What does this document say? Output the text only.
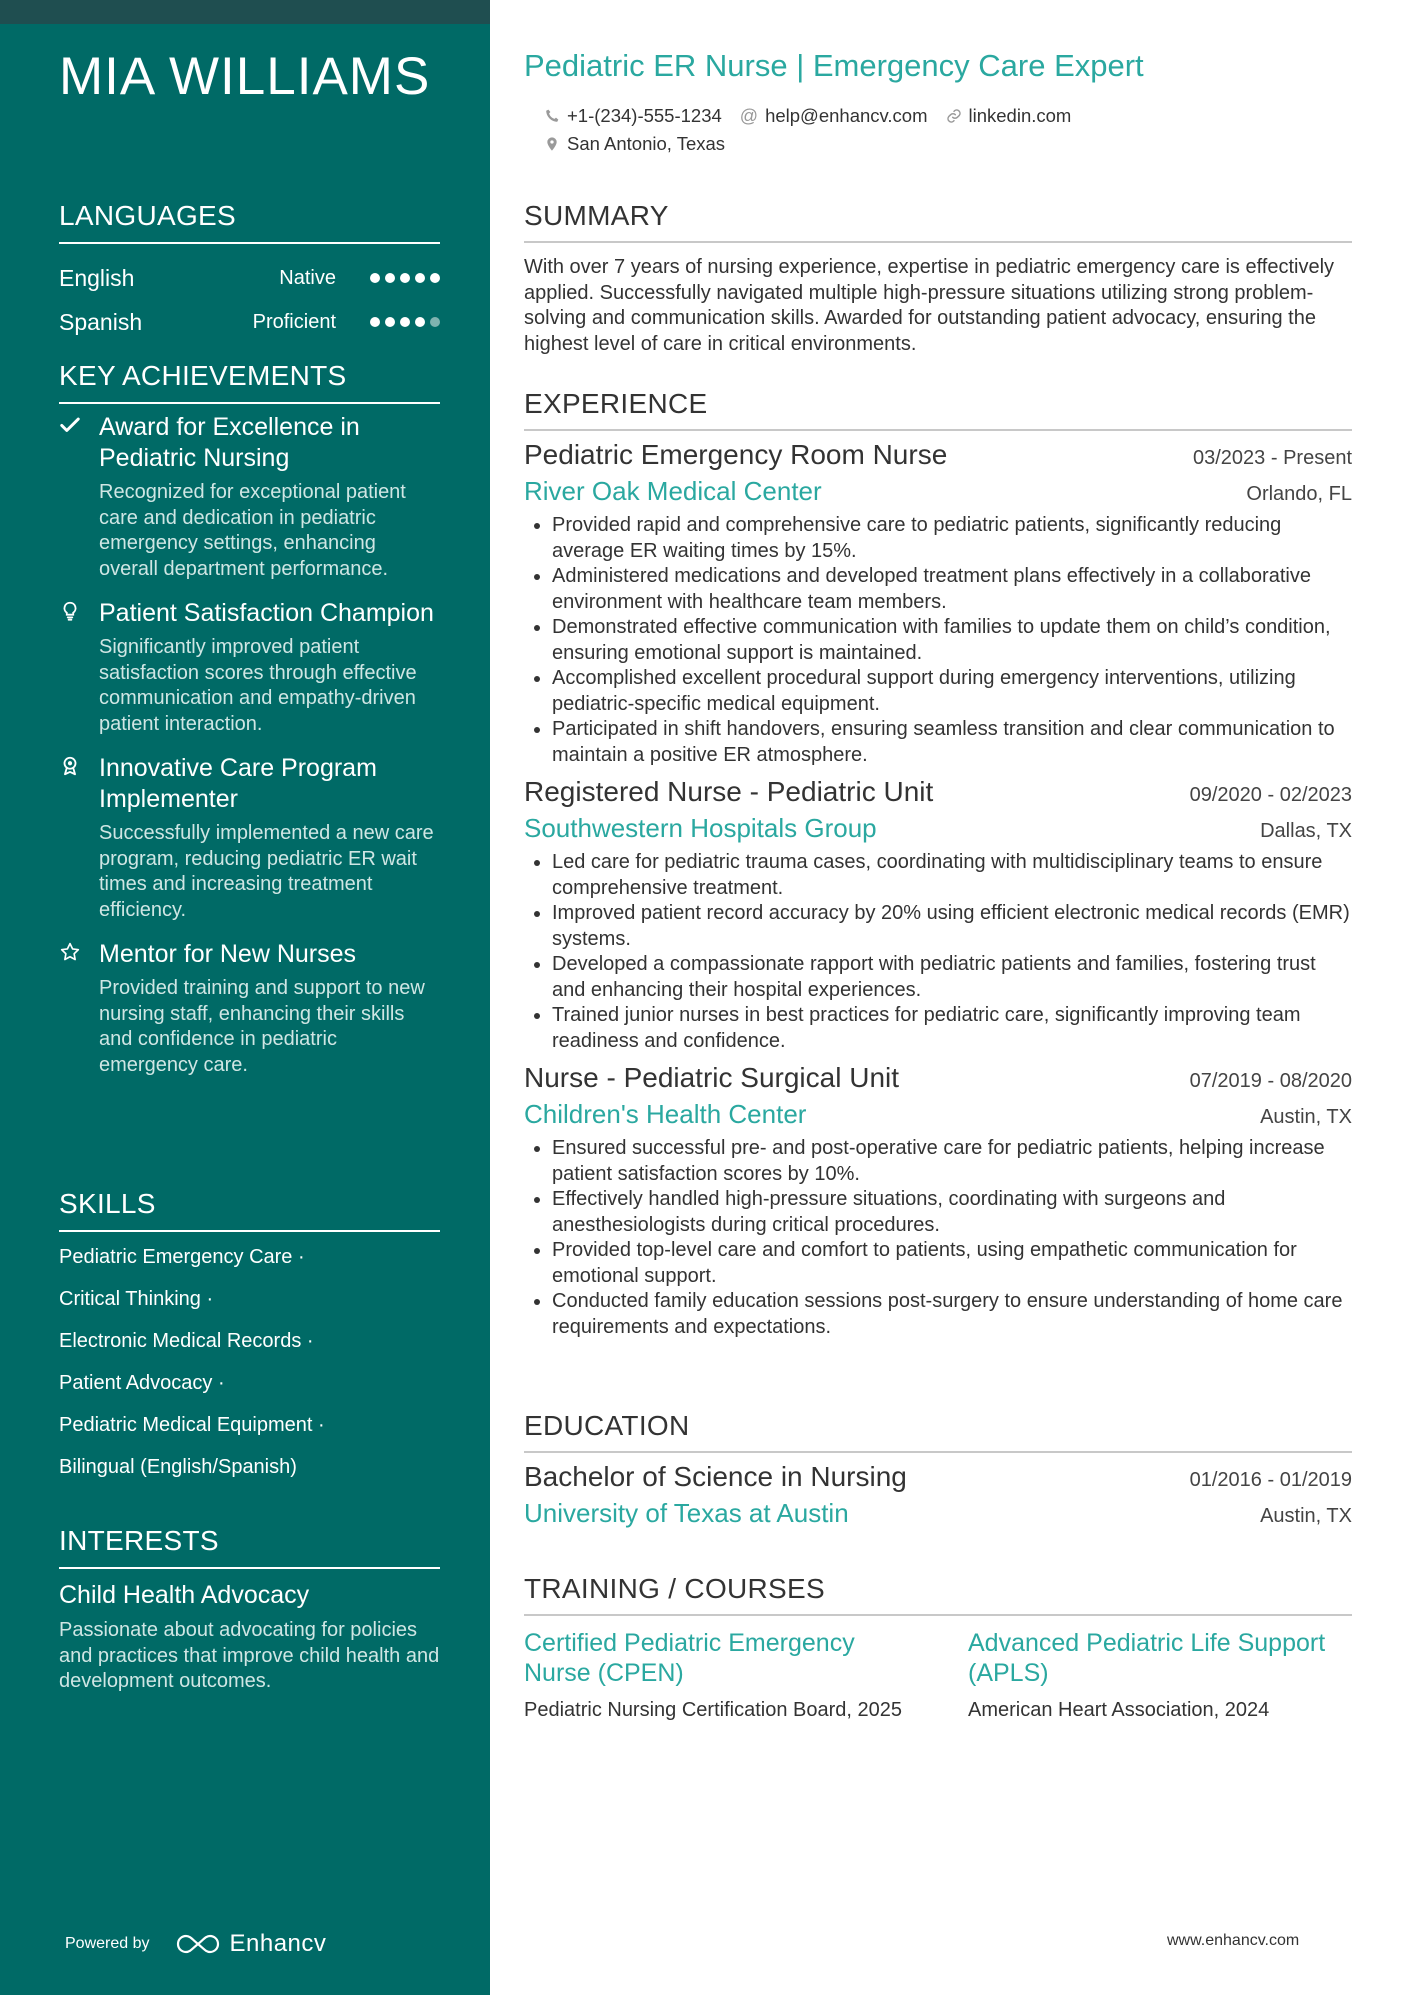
MIA WILLIAMS
LANGUAGES
English	Native
Spanish	Proficient
KEY ACHIEVEMENTS
Award for Excellence in Pediatric Nursing
Recognized for exceptional patient care and dedication in pediatric emergency settings, enhancing overall department performance.
Patient Satisfaction Champion
Significantly improved patient satisfaction scores through effective communication and empathy-driven patient interaction.
Innovative Care Program Implementer
Successfully implemented a new care program, reducing pediatric ER wait times and increasing treatment efficiency.
Mentor for New Nurses
Provided training and support to new nursing staff, enhancing their skills and confidence in pediatric emergency care.
SKILLS
Pediatric Emergency Care ·
Critical Thinking ·
Electronic Medical Records ·
Patient Advocacy ·
Pediatric Medical Equipment ·
Bilingual (English/Spanish)
INTERESTS
Child Health Advocacy
Passionate about advocating for policies and practices that improve child health and development outcomes.
Powered by	Enhancv
Pediatric ER Nurse | Emergency Care Expert
+1-(234)-555-1234 @ help@enhancv.com linkedin.com
San Antonio, Texas
SUMMARY
With over 7 years of nursing experience, expertise in pediatric emergency care is effectively applied. Successfully navigated multiple high-pressure situations utilizing strong problem-solving and communication skills. Awarded for outstanding patient advocacy, ensuring the highest level of care in critical environments.
EXPERIENCE
Pediatric Emergency Room Nurse	03/2023 - Present
River Oak Medical Center	Orlando, FL
• Provided rapid and comprehensive care to pediatric patients, significantly reducing average ER waiting times by 15%.
• Administered medications and developed treatment plans effectively in a collaborative environment with healthcare team members.
• Demonstrated effective communication with families to update them on child’s condition, ensuring emotional support is maintained.
• Accomplished excellent procedural support during emergency interventions, utilizing pediatric-specific medical equipment.
• Participated in shift handovers, ensuring seamless transition and clear communication to maintain a positive ER atmosphere.
Registered Nurse - Pediatric Unit	09/2020 - 02/2023
Southwestern Hospitals Group	Dallas, TX
• Led care for pediatric trauma cases, coordinating with multidisciplinary teams to ensure comprehensive treatment.
• Improved patient record accuracy by 20% using efficient electronic medical records (EMR) systems.
• Developed a compassionate rapport with pediatric patients and families, fostering trust and enhancing their hospital experiences.
• Trained junior nurses in best practices for pediatric care, significantly improving team readiness and confidence.
Nurse - Pediatric Surgical Unit	07/2019 - 08/2020
Children's Health Center	Austin, TX
• Ensured successful pre- and post-operative care for pediatric patients, helping increase patient satisfaction scores by 10%.
• Effectively handled high-pressure situations, coordinating with surgeons and anesthesiologists during critical procedures.
• Provided top-level care and comfort to patients, using empathetic communication for emotional support.
• Conducted family education sessions post-surgery to ensure understanding of home care requirements and expectations.
EDUCATION
Bachelor of Science in Nursing	01/2016 - 01/2019
University of Texas at Austin	Austin, TX
TRAINING / COURSES
Certified Pediatric Emergency Nurse (CPEN)
Pediatric Nursing Certification Board, 2025
Advanced Pediatric Life Support (APLS)
American Heart Association, 2024
www.enhancv.com
